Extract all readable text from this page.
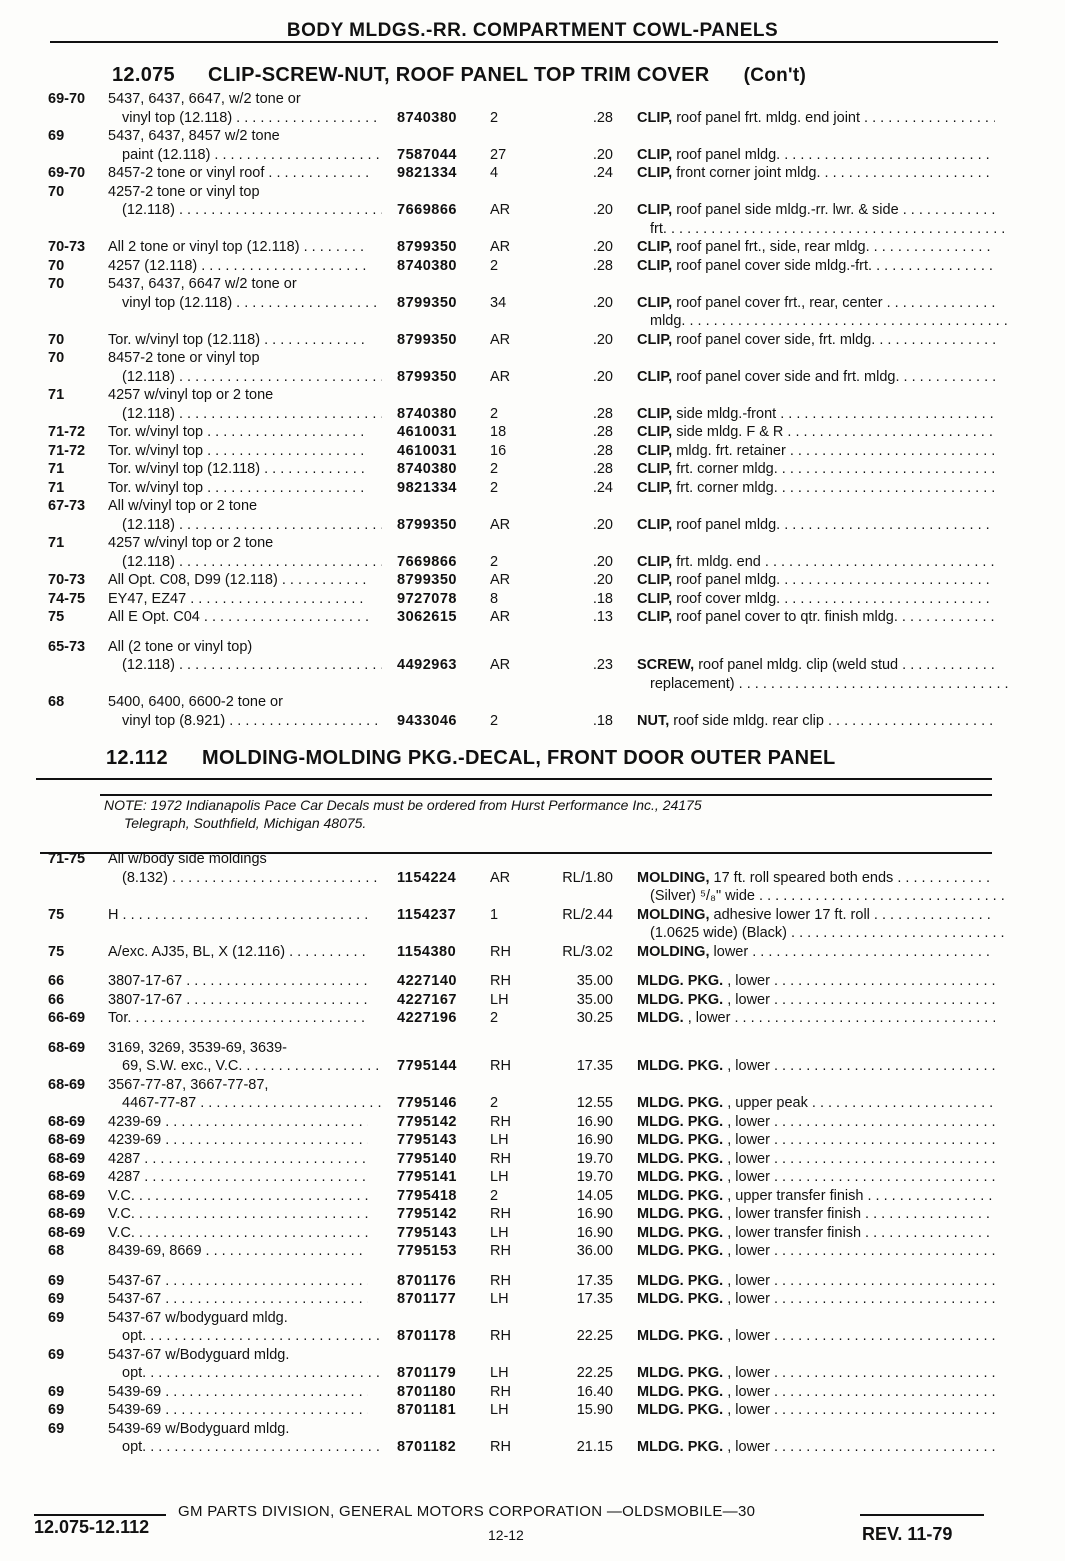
BODY MLDGS.-RR. COMPARTMENT COWL-PANELS
12.075 CLIP-SCREW-NUT, ROOF PANEL TOP TRIM COVER (Con't)
69-70 5437, 6437, 6647, w/2 tone or
vinyl top (12.118) . . .	8740380 2	.28 CLIP, roof panel frt. mldg. end joint . . .
69	5437, 6437, 8457 w/2 tone
paint (12.118) . . .	7587044 27	.20 CLIP, roof panel mldg. . . .
69-70 8457-2 tone or vinyl roof . . .	9821334 4	.24 CLIP, front corner joint mldg. . . .
70	4257-2 tone or vinyl top
(12.118) . . .	7669866 AR	.20 CLIP, roof panel side mldg.-rr. lwr. & side . . .
frt. . . .
70-73 All 2 tone or vinyl top (12.118) . . .	8799350 AR	.20 CLIP, roof panel frt., side, rear mldg. . . .
70	4257 (12.118) . . .	8740380 2	.28 CLIP, roof panel cover side mldg.-frt. . . .
70	5437, 6437, 6647 w/2 tone or
vinyl top (12.118) . . .	8799350 34	.20 CLIP, roof panel cover frt., rear, center . . .
mldg. . . .
70	Tor. w/vinyl top (12.118) . . .	8799350 AR	.20 CLIP, roof panel cover side, frt. mldg. . . .
70	8457-2 tone or vinyl top
(12.118) . . .	8799350 AR	.20 CLIP, roof panel cover side and frt. mldg. . . .
71	4257 w/vinyl top or 2 tone
(12.118) . . .	8740380 2	.28 CLIP, side mldg.-front . . .
71-72 Tor. w/vinyl top . . .	4610031 18	.28 CLIP, side mldg. F & R . . .
71-72 Tor. w/vinyl top . . .	4610031 16	.28 CLIP, mldg. frt. retainer . . .
71	Tor. w/vinyl top (12.118) . . .	8740380 2	.28 CLIP, frt. corner mldg. . . .
71	Tor. w/vinyl top . . .	9821334 2	.24 CLIP, frt. corner mldg. . . .
67-73 All w/vinyl top or 2 tone
(12.118) . . .	8799350 AR	.20 CLIP, roof panel mldg. . . .
71	4257 w/vinyl top or 2 tone
(12.118) . . .	7669866 2	.20 CLIP, frt. mldg. end . . .
70-73 All Opt. C08, D99 (12.118) . . .	8799350 AR	.20 CLIP, roof panel mldg. . . .
74-75 EY47, EZ47 . . .	9727078 8	.18 CLIP, roof cover mldg. . . .
75	All E Opt. C04 . . .	3062615 AR	.13 CLIP, roof panel cover to qtr. finish mldg. . . .
65-73 All (2 tone or vinyl top)
(12.118) . . .	4492963 AR	.23 SCREW, roof panel mldg. clip (weld stud . . .
replacement) . . .
68	5400, 6400, 6600-2 tone or
vinyl top (8.921) . . .	9433046 2	.18 NUT, roof side mldg. rear clip . . .
12.112 MOLDING-MOLDING PKG.-DECAL, FRONT DOOR OUTER PANEL
NOTE: 1972 Indianapolis Pace Car Decals must be ordered from Hurst Performance Inc., 24175
Telegraph, Southfield, Michigan 48075.
71-75 All w/body side moldings
(8.132) . . .	1154224 AR	RL/1.80 MOLDING, 17 ft. roll speared both ends . . .
(Silver) ⁵/₈" wide . . .
75	H . . .	1154237 1	RL/2.44 MOLDING, adhesive lower 17 ft. roll . . .
(1.0625 wide) (Black) . . .
75	A/exc. AJ35, BL, X (12.116) . . .	1154380 RH	RL/3.02 MOLDING, lower . . .
66	3807-17-67 . . .	4227140 RH	35.00 MLDG. PKG. , lower . . .
66	3807-17-67 . . .	4227167 LH	35.00 MLDG. PKG. , lower . . .
66-69 Tor. . . .	4227196 2	30.25 MLDG. , lower . . .
68-69 3169, 3269, 3539-69, 3639-
69, S.W. exc., V.C. . . .	7795144 RH	17.35 MLDG. PKG. , lower . . .
68-69 3567-77-87, 3667-77-87,
4467-77-87 . . .	7795146 2	12.55 MLDG. PKG. , upper peak . . .
68-69 4239-69 . . .	7795142 RH	16.90 MLDG. PKG. , lower . . .
68-69 4239-69 . . .	7795143 LH	16.90 MLDG. PKG. , lower . . .
68-69 4287 . . .	7795140 RH	19.70 MLDG. PKG. , lower . . .
68-69 4287 . . .	7795141 LH	19.70 MLDG. PKG. , lower . . .
68-69 V.C. . . .	7795418 2	14.05 MLDG. PKG. , upper transfer finish . . .
68-69 V.C. . . .	7795142 RH	16.90 MLDG. PKG. , lower transfer finish . . .
68-69 V.C. . . .	7795143 LH	16.90 MLDG. PKG. , lower transfer finish . . .
68	8439-69, 8669 . . .	7795153 RH	36.00 MLDG. PKG. , lower . . .
69	5437-67 . . .	8701176 RH	17.35 MLDG. PKG. , lower . . .
69	5437-67 . . .	8701177 LH	17.35 MLDG. PKG. , lower . . .
69	5437-67 w/bodyguard mldg.
opt. . . .	8701178 RH	22.25 MLDG. PKG. , lower . . .
69	5437-67 w/Bodyguard mldg.
opt. . . .	8701179 LH	22.25 MLDG. PKG. , lower . . .
69	5439-69 . . .	8701180 RH	16.40 MLDG. PKG. , lower . . .
69	5439-69 . . .	8701181 LH	15.90 MLDG. PKG. , lower . . .
69	5439-69 w/Bodyguard mldg.
opt. . . .	8701182 RH	21.15 MLDG. PKG. , lower . . .
GM PARTS DIVISION, GENERAL MOTORS CORPORATION —OLDSMOBILE—30
12.075-12.112	12-12	REV. 11-79
